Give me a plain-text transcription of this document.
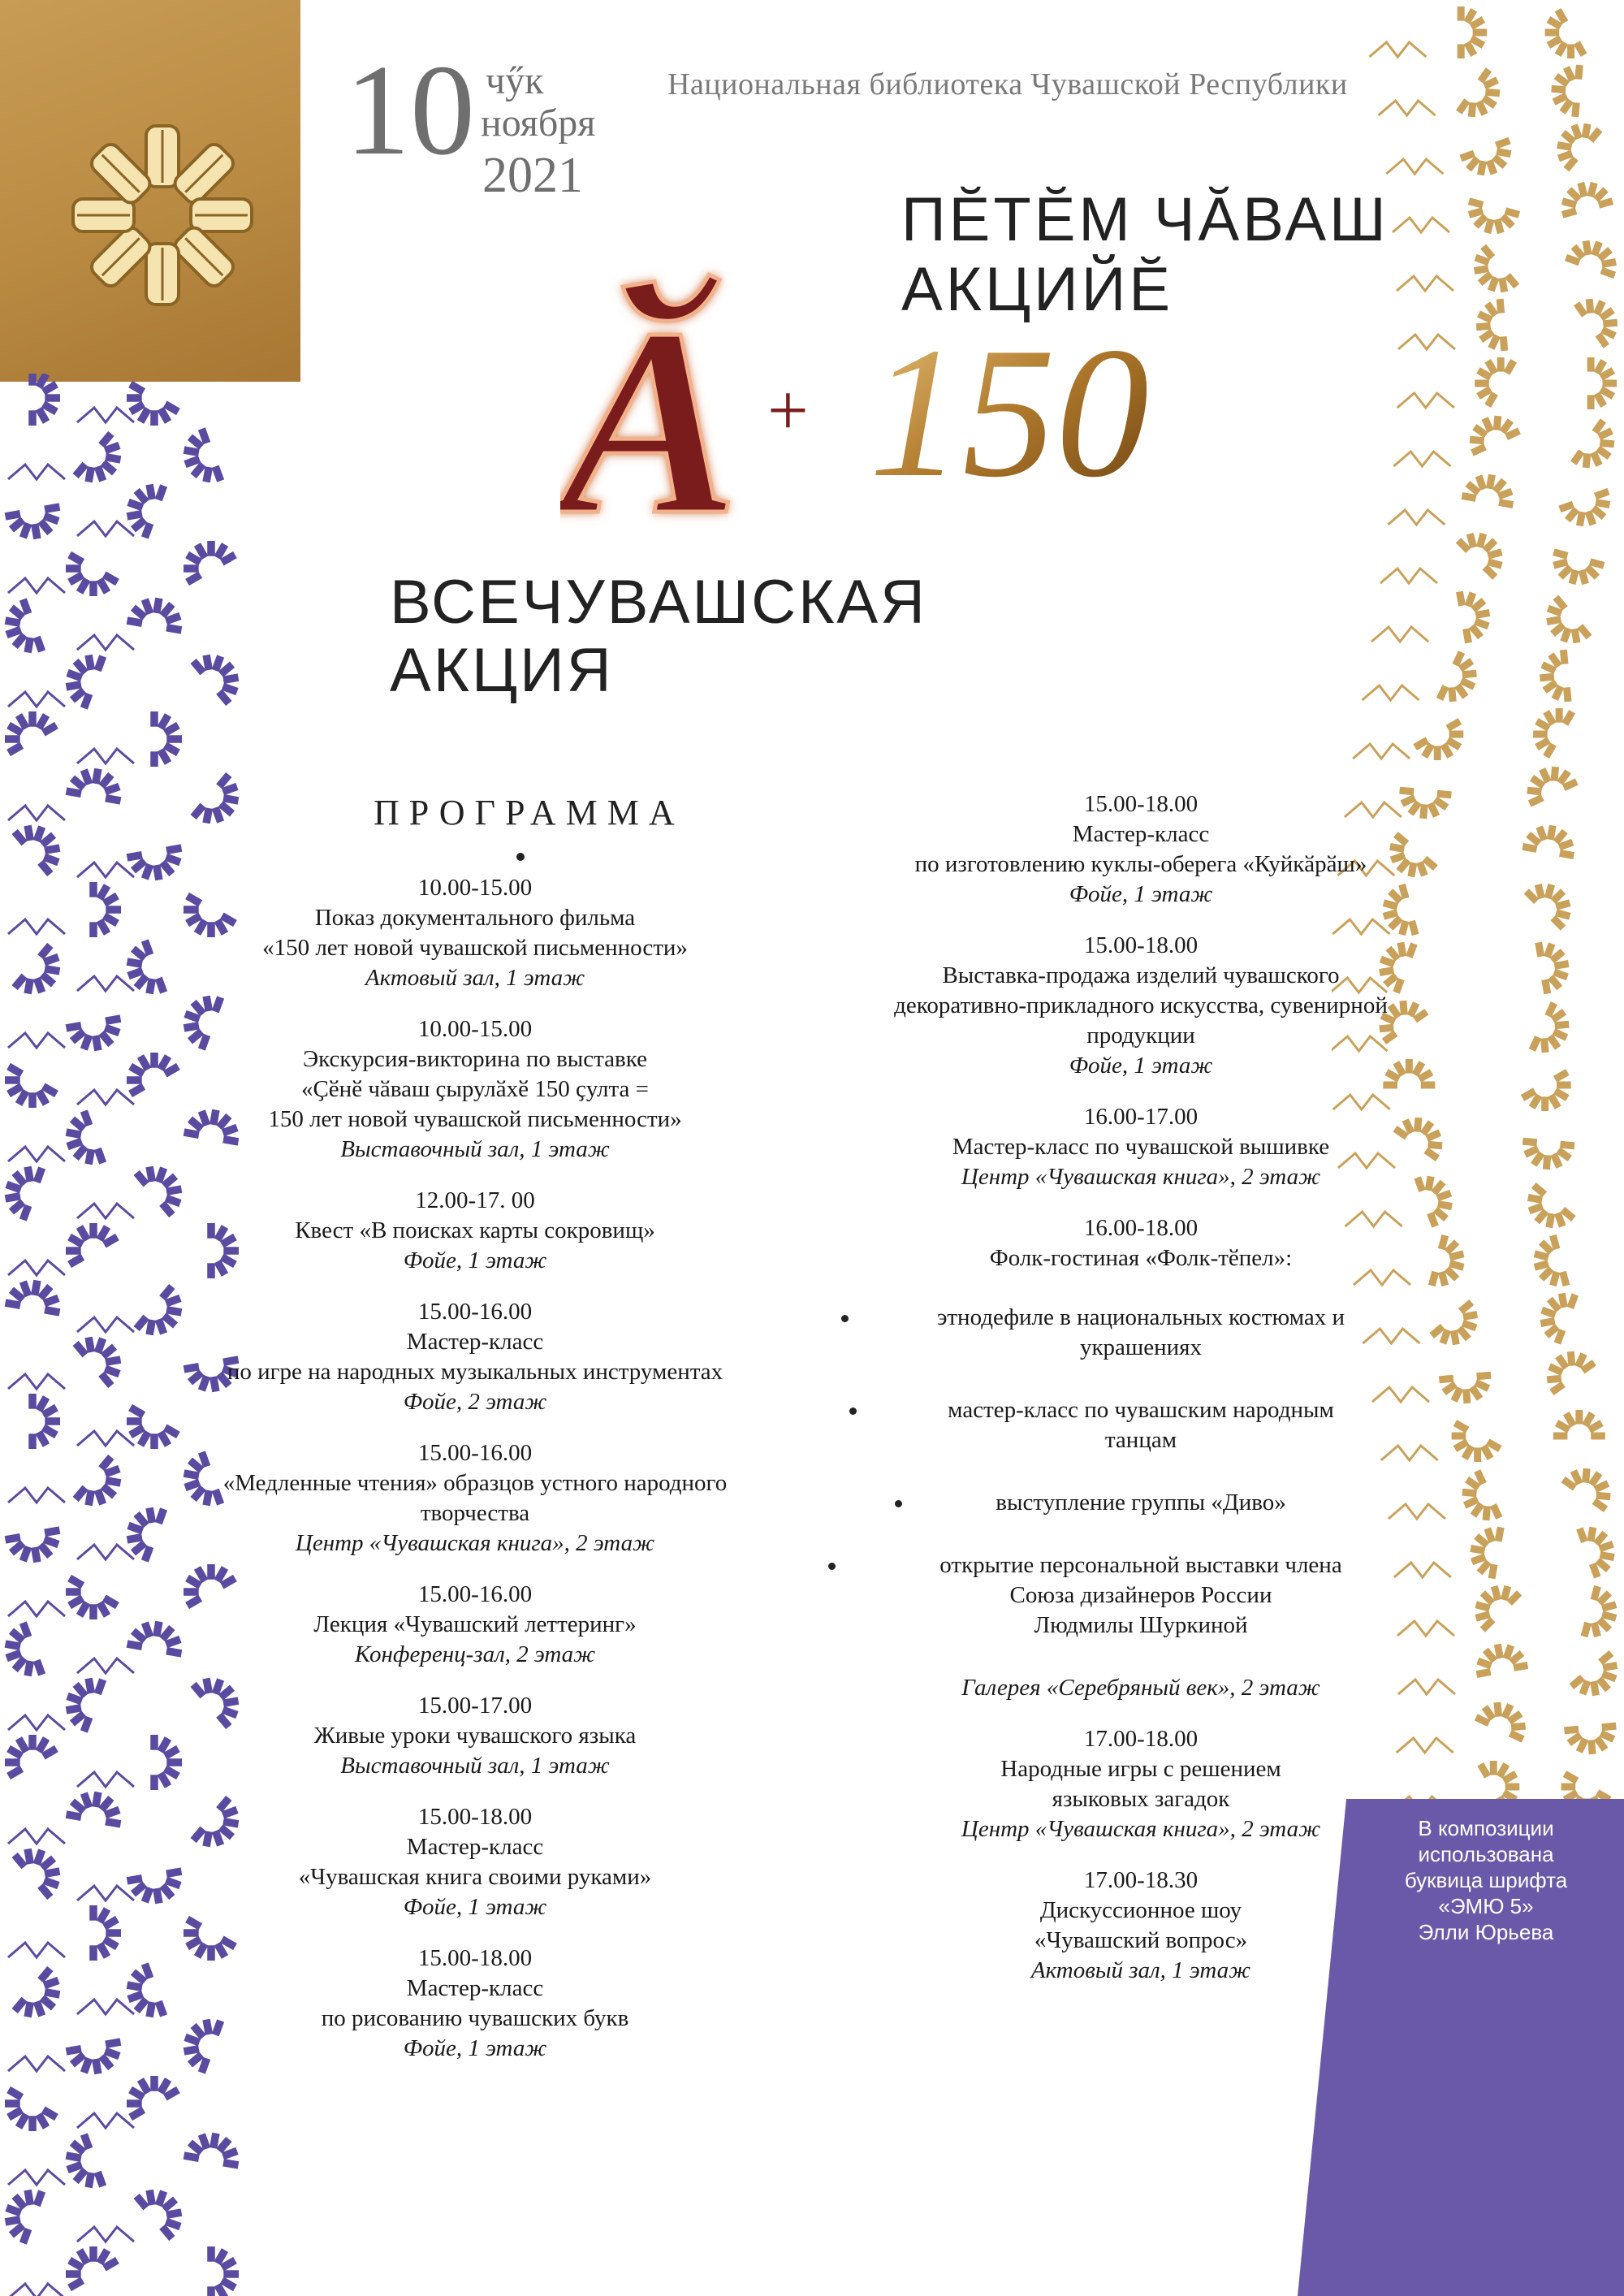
10 чӳк
ноября
2021
Национальная библиотека Чувашской Республики
ПӖТӖМ ЧӐВАШ
АКЦИЙӖ
Ӑ + 150
ВСЕЧУВАШСКАЯ
АКЦИЯ
ПРОГРАММА
10.00-15.00
Показ документального фильма
«150 лет новой чувашской письменности»
Актовый зал, 1 этаж
10.00-15.00
Экскурсия-викторина по выставке
«Ҫӗнӗ чӑваш ҫырулӑхӗ 150 ҫулта =
150 лет новой чувашской письменности»
Выставочный зал, 1 этаж
12.00-17. 00
Квест «В поисках карты сокровищ»
Фойе, 1 этаж
15.00-16.00
Мастер-класс
по игре на народных музыкальных инструментах
Фойе, 2 этаж
15.00-16.00
«Медленные чтения» образцов устного народного
творчества
Центр «Чувашская книга», 2 этаж
15.00-16.00
Лекция «Чувашский леттеринг»
Конференц-зал, 2 этаж
15.00-17.00
Живые уроки чувашского языка
Выставочный зал, 1 этаж
15.00-18.00
Мастер-класс
«Чувашская книга своими руками»
Фойе, 1 этаж
15.00-18.00
Мастер-класс
по рисованию чувашских букв
Фойе, 1 этаж
15.00-18.00
Мастер-класс
по изготовлению куклы-оберега «Куйкӑрӑш»
Фойе, 1 этаж
15.00-18.00
Выставка-продажа изделий чувашского
декоративно-прикладного искусства, сувенирной
продукции
Фойе, 1 этаж
16.00-17.00
Мастер-класс по чувашской вышивке
Центр «Чувашская книга», 2 этаж
16.00-18.00
Фолк-гостиная «Фолк-тӗпел»:
этнодефиле в национальных костюмах и
украшениях
мастер-класс по чувашским народным
танцам
выступление группы «Диво»
открытие персональной выставки члена
Союза дизайнеров России
Людмилы Шуркиной
Галерея «Серебряный век», 2 этаж
17.00-18.00
Народные игры с решением
языковых загадок
Центр «Чувашская книга», 2 этаж
17.00-18.30
Дискуссионное шоу
«Чувашский вопрос»
Актовый зал, 1 этаж
В композиции
использована
буквица шрифта
«ЭМЮ 5»
Элли Юрьева
